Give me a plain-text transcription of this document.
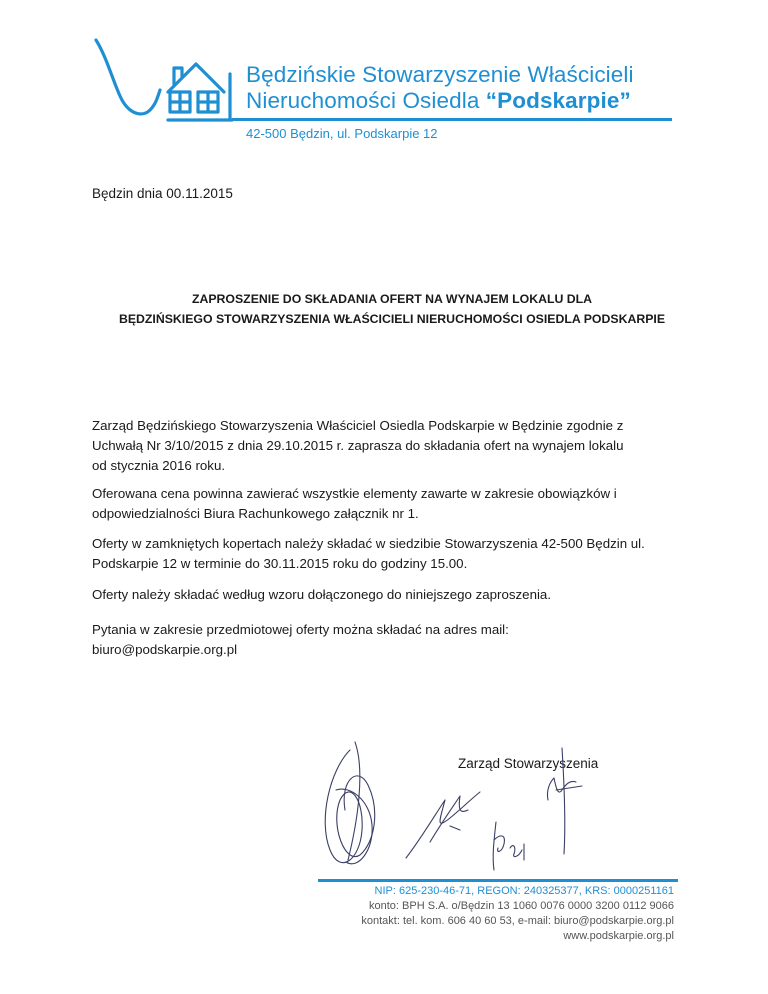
Będzińskie Stowarzyszenie Właścicieli
Nieruchomości Osiedla “Podskarpie”
42-500 Będzin, ul. Podskarpie 12
Będzin dnia 00.11.2015
ZAPROSZENIE DO SKŁADANIA OFERT NA WYNAJEM LOKALU DLA
BĘDZIŃSKIEGO STOWARZYSZENIA WŁAŚCICIELI NIERUCHOMOŚCI OSIEDLA PODSKARPIE

Zarząd Będzińskiego Stowarzyszenia Właściciel Osiedla Podskarpie w Będzinie zgodnie z
Uchwałą Nr 3/10/2015 z dnia 29.10.2015 r. zaprasza do składania ofert na wynajem lokalu
od stycznia 2016 roku.

Oferowana cena powinna zawierać wszystkie elementy zawarte w zakresie obowiązków i
odpowiedzialności Biura Rachunkowego załącznik nr 1.

Oferty w zamkniętych kopertach należy składać w siedzibie Stowarzyszenia 42-500 Będzin ul.
Podskarpie 12 w terminie do 30.11.2015 roku do godziny 15.00.

Oferty należy składać według wzoru dołączonego do niniejszego zaproszenia.

Pytania w zakresie przedmiotowej oferty można składać na adres mail:
biuro@podskarpie.org.pl

Zarząd Stowarzyszenia
NIP: 625-230-46-71, REGON: 240325377, KRS: 0000251161
konto: BPH S.A. o/Będzin 13 1060 0076 0000 3200 0112 9066
kontakt: tel. kom. 606 40 60 53, e-mail: biuro@podskarpie.org.pl
www.podskarpie.org.pl
